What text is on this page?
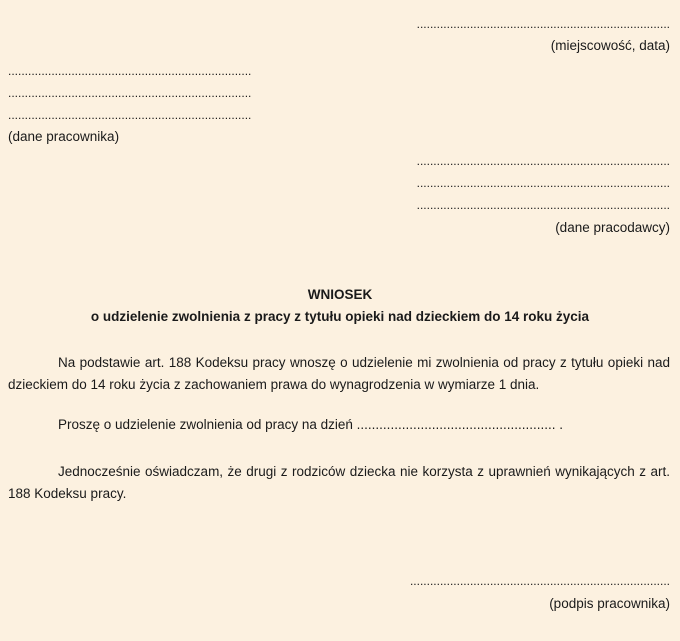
............................................................................
(miejscowość, data)
.........................................................................
.........................................................................
.........................................................................
(dane pracownika)
............................................................................
............................................................................
............................................................................
(dane pracodawcy)
WNIOSEK
o udzielenie zwolnienia z pracy z tytułu opieki nad dzieckiem do 14 roku życia
Na podstawie art. 188 Kodeksu pracy wnoszę o udzielenie mi zwolnienia od pracy z tytułu opieki nad dzieckiem do 14 roku życia z zachowaniem prawa do wynagrodzenia w wymiarze 1 dnia.
Proszę o udzielenie zwolnienia od pracy na dzień ..................................................... .
Jednocześnie oświadczam, że drugi z rodziców dziecka nie korzysta z uprawnień wynikających z art. 188 Kodeksu pracy.
..............................................................................
(podpis pracownika)
